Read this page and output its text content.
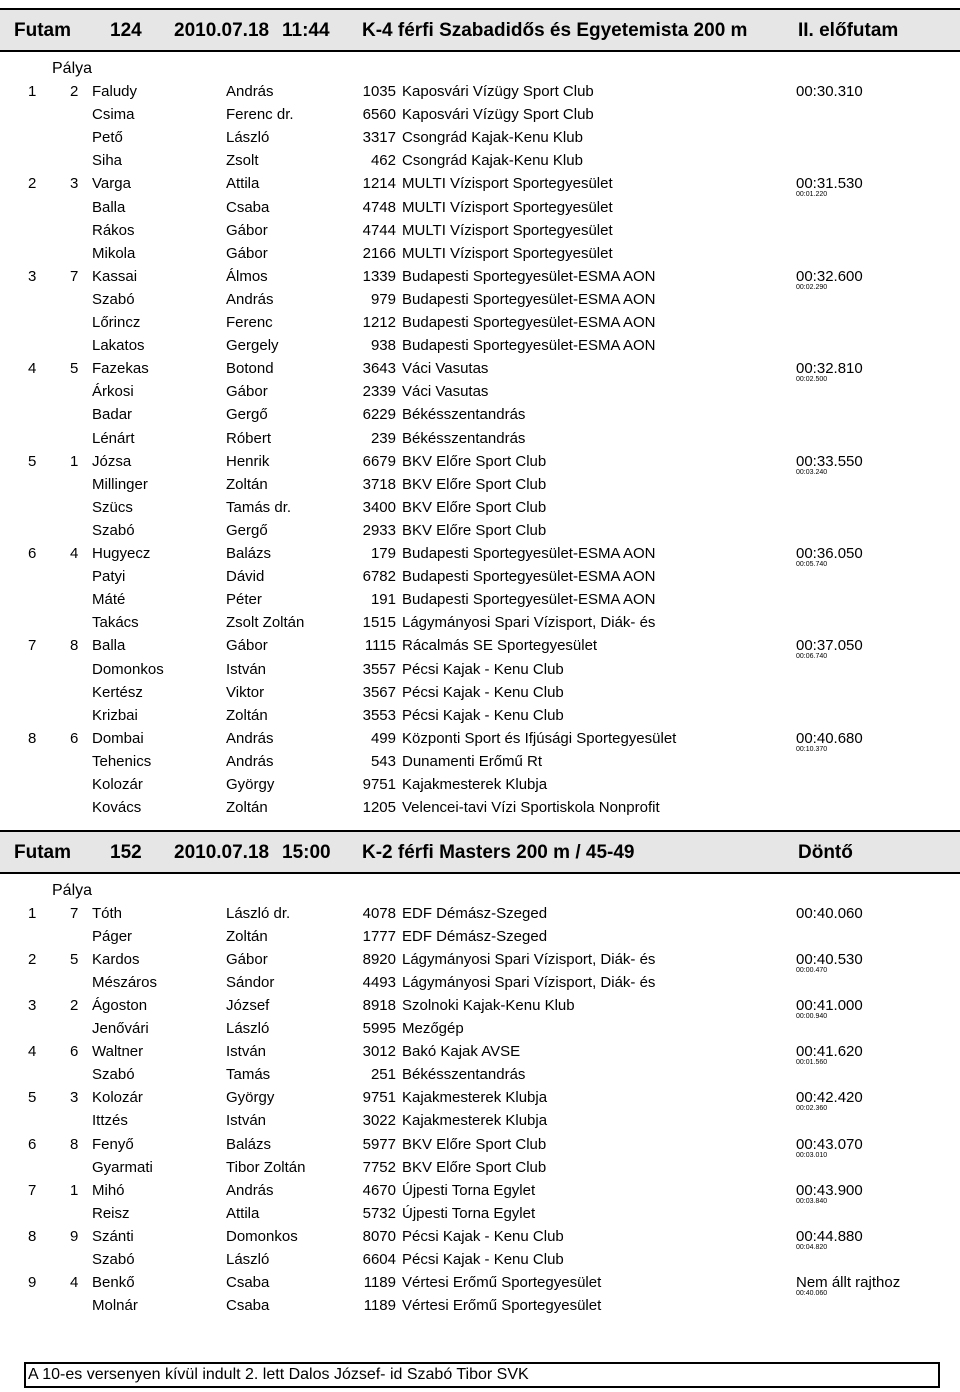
Futam 124 2010.07.18 11:44 K-4 férfi Szabadidős és Egyetemista 200 m	II. előfutam
Pálya
1 2 Faludy	András	1035 Kaposvári Vízügy Sport Club	00:30.310
Csima	Ferenc dr.	6560 Kaposvári Vízügy Sport Club
Pető	László	3317 Csongrád Kajak-Kenu Klub
Siha	Zsolt	462 Csongrád Kajak-Kenu Klub
2 3 Varga	Attila	1214 MULTI Vízisport Sportegyesület	00:31.530
00:01.220
Balla	Csaba	4748 MULTI Vízisport Sportegyesület
Rákos	Gábor	4744 MULTI Vízisport Sportegyesület
Mikola	Gábor	2166 MULTI Vízisport Sportegyesület
3 7 Kassai	Álmos	1339 Budapesti Sportegyesület-ESMA AON	00:32.600
00:02.290
Szabó	András	979 Budapesti Sportegyesület-ESMA AON
Lőrincz	Ferenc	1212 Budapesti Sportegyesület-ESMA AON
Lakatos	Gergely	938 Budapesti Sportegyesület-ESMA AON
4 5 Fazekas	Botond	3643 Váci Vasutas	00:32.810
00:02.500
Árkosi	Gábor	2339 Váci Vasutas
Badar	Gergő	6229 Békésszentandrás
Lénárt	Róbert	239 Békésszentandrás
5 1 Józsa	Henrik	6679 BKV Előre Sport Club	00:33.550
00:03.240
Millinger	Zoltán	3718 BKV Előre Sport Club
Szücs	Tamás dr.	3400 BKV Előre Sport Club
Szabó	Gergő	2933 BKV Előre Sport Club
6 4 Hugyecz	Balázs	179 Budapesti Sportegyesület-ESMA AON	00:36.050
00:05.740
Patyi	Dávid	6782 Budapesti Sportegyesület-ESMA AON
Máté	Péter	191 Budapesti Sportegyesület-ESMA AON
Takács	Zsolt Zoltán	1515 Lágymányosi Spari Vízisport, Diák- és
7 8 Balla	Gábor	1115 Rácalmás SE Sportegyesület	00:37.050
00:06.740
Domonkos	István	3557 Pécsi Kajak - Kenu Club
Kertész	Viktor	3567 Pécsi Kajak - Kenu Club
Krizbai	Zoltán	3553 Pécsi Kajak - Kenu Club
8 6 Dombai	András	499 Központi Sport és Ifjúsági Sportegyesület	00:40.680
00:10.370
Tehenics	András	543 Dunamenti Erőmű Rt
Kolozár	György	9751 Kajakmesterek Klubja
Kovács	Zoltán	1205 Velencei-tavi Vízi Sportiskola Nonprofit
Futam 152 2010.07.18 15:00 K-2 férfi Masters 200 m / 45-49	Döntő
Pálya
1 7 Tóth	László dr.	4078 EDF Démász-Szeged	00:40.060
Páger	Zoltán	1777 EDF Démász-Szeged
2 5 Kardos	Gábor	8920 Lágymányosi Spari Vízisport, Diák- és	00:40.530
00:00.470
Mészáros	Sándor	4493 Lágymányosi Spari Vízisport, Diák- és
3 2 Ágoston	József	8918 Szolnoki Kajak-Kenu Klub	00:41.000
00:00.940
Jenővári	László	5995 Mezőgép
4 6 Waltner	István	3012 Bakó Kajak AVSE	00:41.620
00:01.560
Szabó	Tamás	251 Békésszentandrás
5 3 Kolozár	György	9751 Kajakmesterek Klubja	00:42.420
00:02.360
Ittzés	István	3022 Kajakmesterek Klubja
6 8 Fenyő	Balázs	5977 BKV Előre Sport Club	00:43.070
00:03.010
Gyarmati	Tibor Zoltán	7752 BKV Előre Sport Club
7 1 Mihó	András	4670 Újpesti Torna Egylet	00:43.900
00:03.840
Reisz	Attila	5732 Újpesti Torna Egylet
8 9 Szánti	Domonkos	8070 Pécsi Kajak - Kenu Club	00:44.880
00:04.820
Szabó	László	6604 Pécsi Kajak - Kenu Club
9 4 Benkő	Csaba	1189 Vértesi Erőmű Sportegyesület	Nem állt rajthoz
00:40.060
Molnár	Csaba	1189 Vértesi Erőmű Sportegyesület
A 10-es versenyen kívül indult 2. lett Dalos József- id Szabó Tibor SVK
